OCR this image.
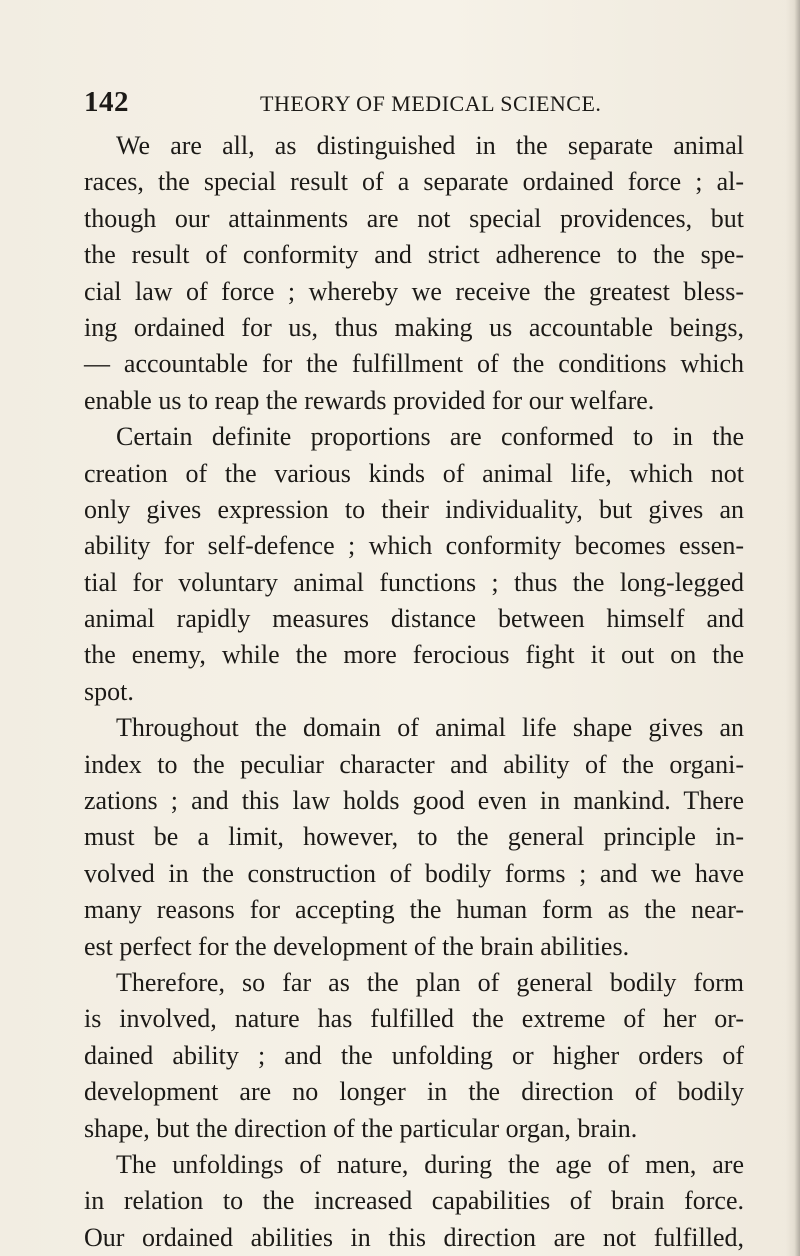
142	THEORY OF MEDICAL SCIENCE.
We are all, as distinguished in the separate animal
races, the special result of a separate ordained force ; al-
though our attainments are not special providences, but
the result of conformity and strict adherence to the spe-
cial law of force ; whereby we receive the greatest bless-
ing ordained for us, thus making us accountable beings,
— accountable for the fulfillment of the conditions which
enable us to reap the rewards provided for our welfare.
Certain definite proportions are conformed to in the
creation of the various kinds of animal life, which not
only gives expression to their individuality, but gives an
ability for self-defence ; which conformity becomes essen-
tial for voluntary animal functions ; thus the long-legged
animal rapidly measures distance between himself and
the enemy, while the more ferocious fight it out on the
spot.
Throughout the domain of animal life shape gives an
index to the peculiar character and ability of the organi-
zations ; and this law holds good even in mankind. There
must be a limit, however, to the general principle in-
volved in the construction of bodily forms ; and we have
many reasons for accepting the human form as the near-
est perfect for the development of the brain abilities.
Therefore, so far as the plan of general bodily form
is involved, nature has fulfilled the extreme of her or-
dained ability ; and the unfolding or higher orders of
development are no longer in the direction of bodily
shape, but the direction of the particular organ, brain.
The unfoldings of nature, during the age of men, are
in relation to the increased capabilities of brain force.
Our ordained abilities in this direction are not fulfilled,
